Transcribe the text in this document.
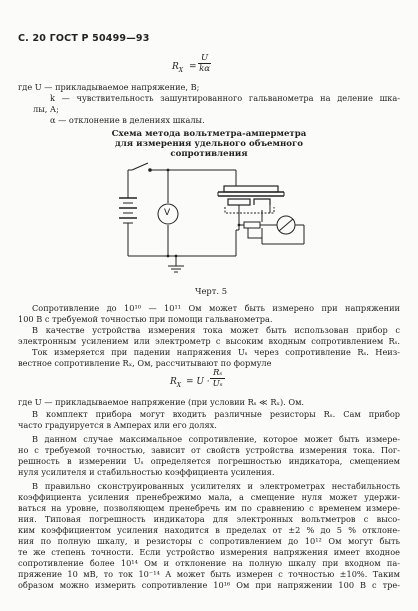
С. 20 ГОСТ Р 50499—93
$R_X = \frac{U}{k\alpha}$
где U — прикладываемое напряжение, В;
k — чувствительность зашунтированного гальванометра на деление шка-
лы, А;
α — отклонение в делениях шкалы.
Схема метода вольтметра-амперметра
для измерения удельного объемного
сопротивления
V
Черт. 5
Сопротивление до 10¹⁰ — 10¹¹ Ом может быть измерено при напряжении
100 В с требуемой точностью при помощи гальванометра.
В качестве устройства измерения тока может быть использован прибор с
электронным усилением или электрометр с высоким входным сопротивлением Rₛ.
Ток измеряется при падении напряжения Uₛ через сопротивление Rₛ. Неиз-
вестное сопротивление Rₓ, Ом, рассчитывают по формуле
$R_X = U \cdot \frac{\text{Rₛ}}{\text{Uₛ}}$
где U — прикладываемое напряжение (при условии Rₛ ≪ Rₓ). Ом.
В комплект прибора могут входить различные резисторы Rₛ. Сам прибор
часто градуируется в Амперах или его долях.
В данном случае максимальное сопротивление, которое может быть измере-
но с требуемой точностью, зависит от свойств устройства измерения тока. Пог-
решность в измерении Uₛ определяется погрешностью индикатора, смещением
нуля усилителя и стабильностью коэффициента усиления.
В правильно сконструированных усилителях и электрометрах нестабильность
коэффициента усиления пренебрежимо мала, а смещение нуля может удержи-
ваться на уровне, позволяющем пренебречь им по сравнению с временем измере-
ния. Типовая погрешность индикатора для электронных вольтметров с высо-
ким коэффициентом усиления находится в пределах от ±2 % до 5 % отклоне-
ния по полную шкалу, и резисторы с сопротивлением до 10¹² Ом могут быть
те же степень точности. Если устройство измерения напряжения имеет входное
сопротивление более 10¹⁴ Ом и отклонение на полную шкалу при входном па-
пряжение 10 мВ, то ток 10⁻¹⁴ А может быть измерен с точностью ±10%. Таким
образом можно измерить сопротивление 10¹⁶ Ом при напряжении 100 В с тре-
